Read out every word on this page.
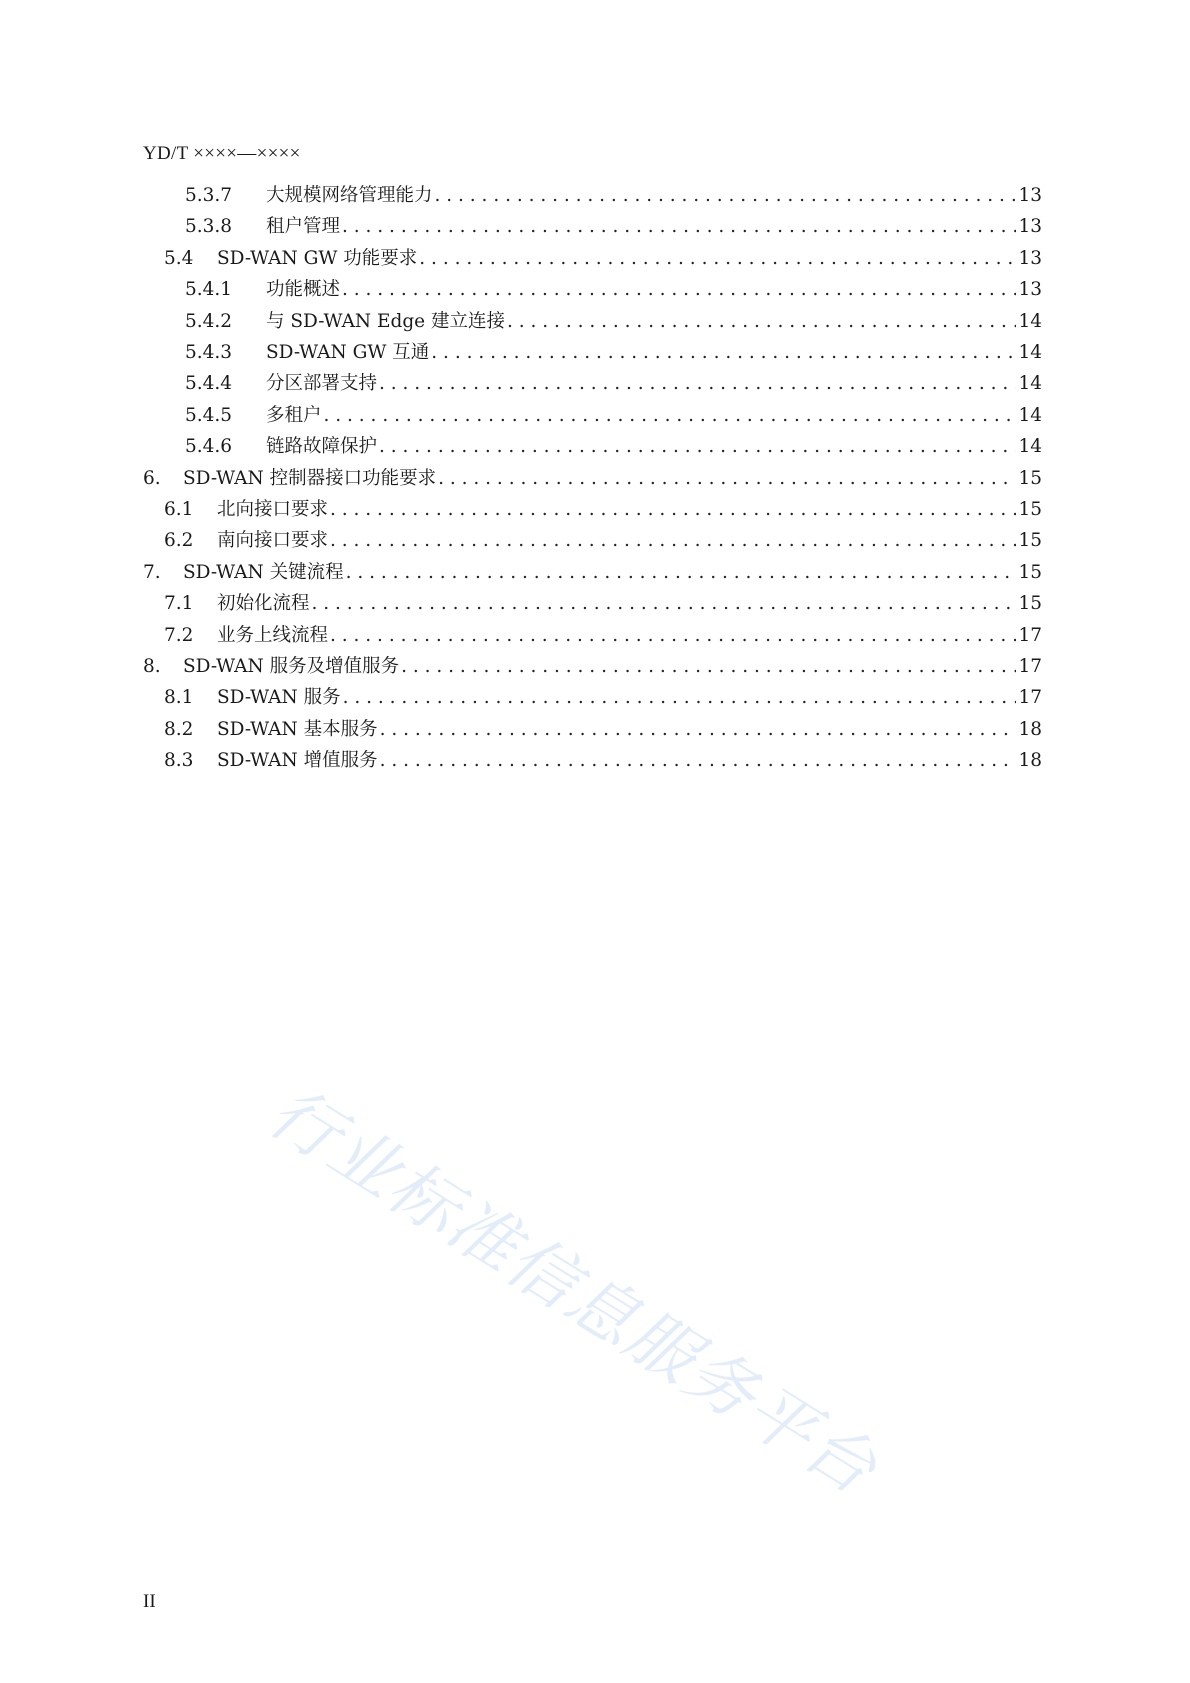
YD/T ××××—××××
5.3.7	大规模网络管理能力 . . .	13
5.3.8	租户管理 . . .	13
5.4	SD-WAN GW 功能要求 . . .	13
5.4.1	功能概述 . . .	13
5.4.2	与 SD-WAN Edge 建立连接 . . .	14
5.4.3	SD-WAN GW 互通 . . .	14
5.4.4	分区部署支持 . . .	14
5.4.5	多租户 . . .	14
5.4.6	链路故障保护 . . .	14
6.	SD-WAN 控制器接口功能要求 . . .	15
6.1	北向接口要求 . . .	15
6.2	南向接口要求 . . .	15
7.	SD-WAN 关键流程 . . .	15
7.1	初始化流程 . . .	15
7.2	业务上线流程 . . .	17
8.	SD-WAN 服务及增值服务 . . .	17
8.1	SD-WAN 服务 . . .	17
8.2	SD-WAN 基本服务 . . .	18
8.3	SD-WAN 增值服务 . . .	18
行业标准信息服务平台
II
